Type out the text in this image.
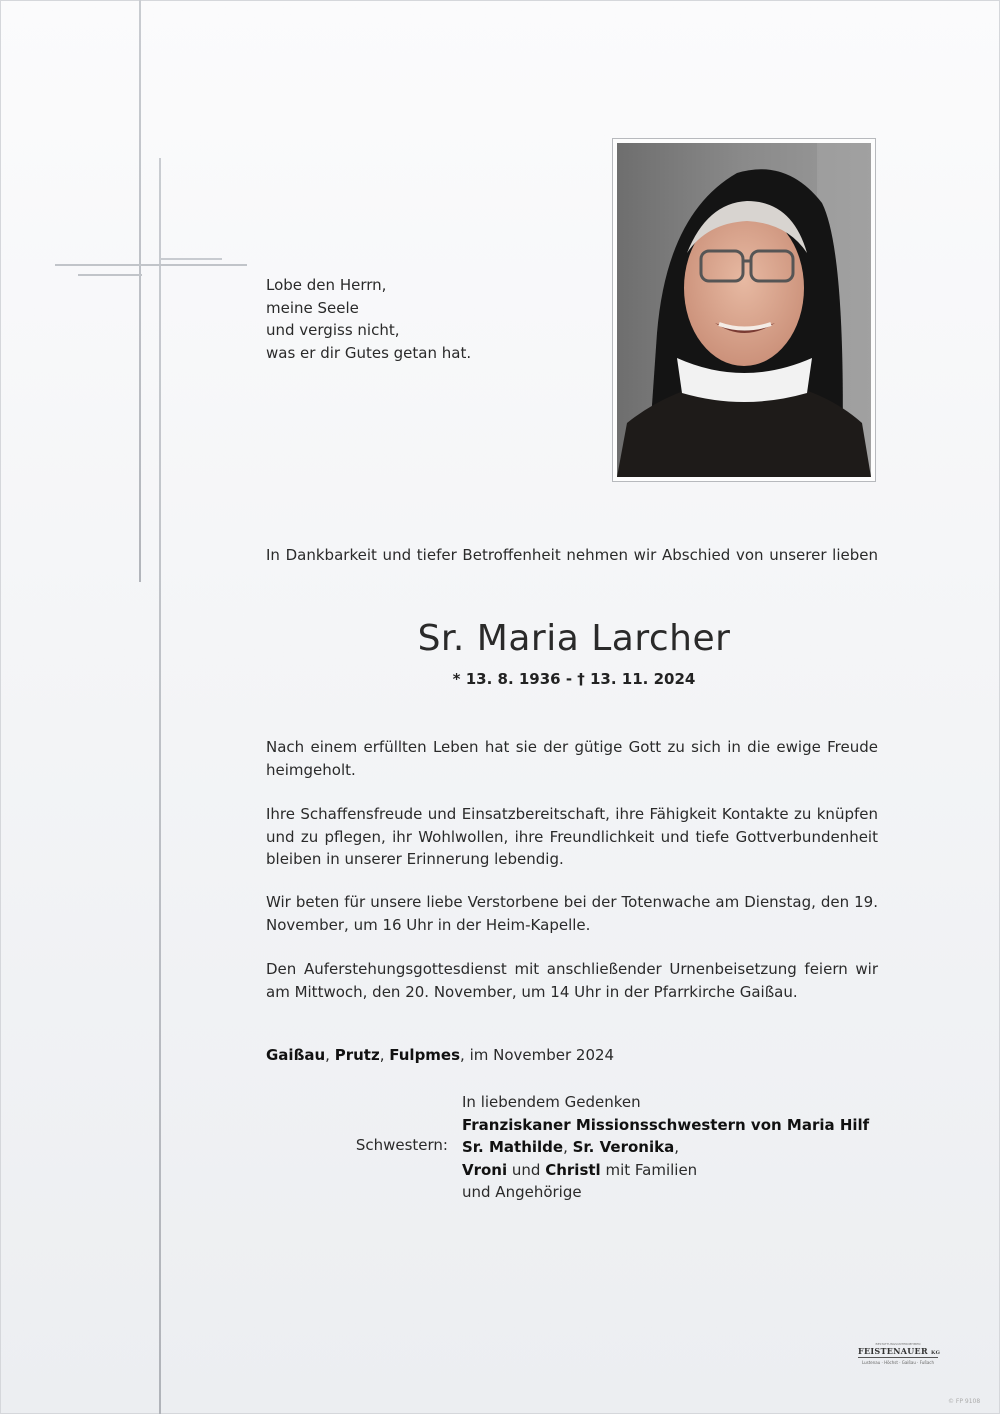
Lobe den Herrn,
meine Seele
und vergiss nicht,
was er dir Gutes getan hat.
In Dankbarkeit und tiefer Betroffenheit nehmen wir Abschied von unserer lieben
Sr. Maria Larcher
* 13. 8. 1936 - † 13. 11. 2024
Nach einem erfüllten Leben hat sie der gütige Gott zu sich in die ewige Freude heimgeholt.
Ihre Schaffensfreude und Einsatzbereitschaft, ihre Fähigkeit Kontakte zu knüpfen und zu pflegen, ihr Wohlwollen, ihre Freundlichkeit und tiefe Gottverbundenheit bleiben in unserer Erinnerung lebendig.
Wir beten für unsere liebe Verstorbene bei der Totenwache am Dienstag, den 19. November, um 16 Uhr in der Heim-Kapelle.
Den Auferstehungsgottesdienst mit anschließender Urnenbeisetzung feiern wir am Mittwoch, den 20. November, um 14 Uhr in der Pfarrkirche Gaißau.
Gaißau, Prutz, Fulpmes, im November 2024
Schwestern:
In liebendem Gedenken
Franziskaner Missionsschwestern von Maria Hilf
Sr. Mathilde, Sr. Veronika,
Vroni und Christl mit Familien
und Angehörige
BESTATTUNGSUNTERNEHMEN
FEISTENAUER KG
Lustenau · Höchst · Gaißau · Fußach
© FP 9108
